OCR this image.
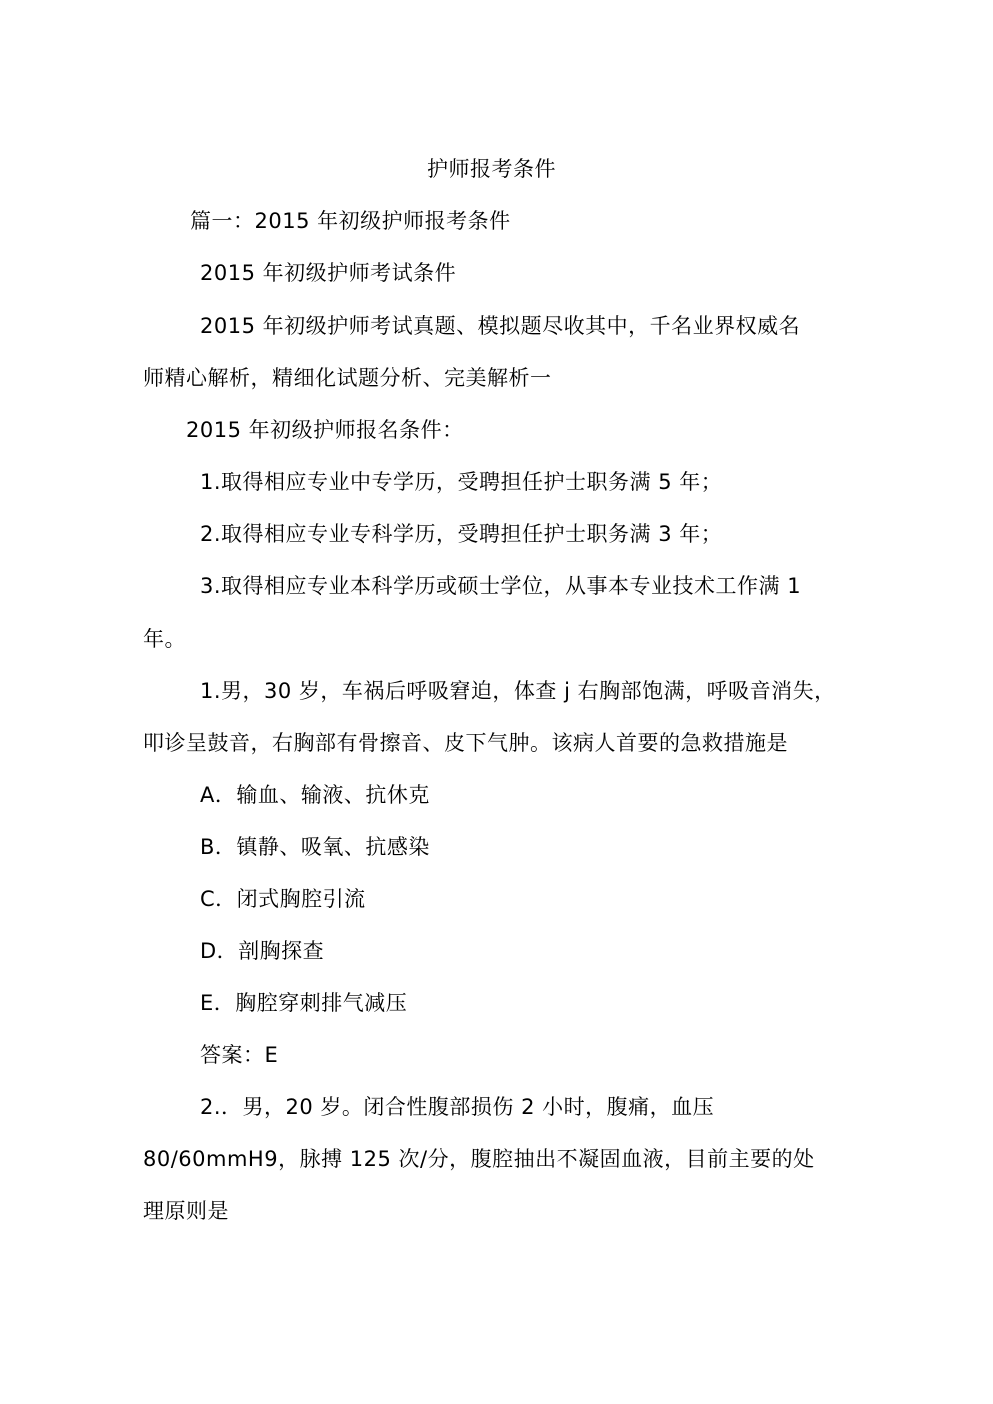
护师报考条件
篇一：2015 年初级护师报考条件
2015 年初级护师考试条件
2015 年初级护师考试真题、模拟题尽收其中，千名业界权威名
师精心解析，精细化试题分析、完美解析一
2015 年初级护师报名条件：
1.取得相应专业中专学历，受聘担任护士职务满 5 年；
2.取得相应专业专科学历，受聘担任护士职务满 3 年；
3.取得相应专业本科学历或硕士学位，从事本专业技术工作满 1
年。
1.男，30 岁，车祸后呼吸窘迫，体查 j 右胸部饱满，呼吸音消失，
叩诊呈鼓音，右胸部有骨擦音、皮下气肿。该病人首要的急救措施是
A．输血、输液、抗休克
B．镇静、吸氧、抗感染
C．闭式胸腔引流
D．剖胸探查
E．胸腔穿刺排气减压
答案：E
2.．男，20 岁。闭合性腹部损伤 2 小时，腹痛，血压
80/60mmH9，脉搏 125 次/分，腹腔抽出不凝固血液，目前主要的处
理原则是
